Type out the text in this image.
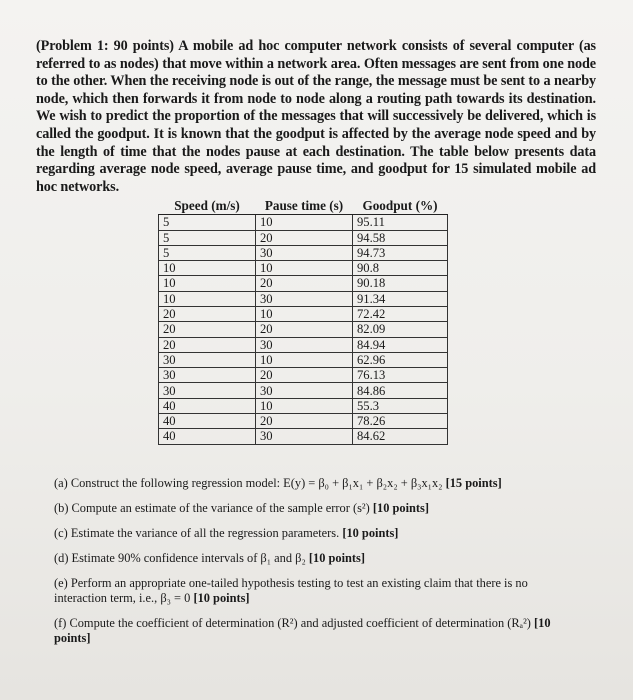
(Problem 1: 90 points) A mobile ad hoc computer network consists of several computer (as referred to as nodes) that move within a network area. Often messages are sent from one node to the other. When the receiving node is out of the range, the message must be sent to a nearby node, which then forwards it from node to node along a routing path towards its destination. We wish to predict the proportion of the messages that will successively be delivered, which is called the goodput. It is known that the goodput is affected by the average node speed and by the length of time that the nodes pause at each destination. The table below presents data regarding average node speed, average pause time, and goodput for 15 simulated mobile ad hoc networks.
Speed (m/s)	Pause time (s)	Goodput (%)
5	10	95.11
5	20	94.58
5	30	94.73
10	10	90.8
10	20	90.18
10	30	91.34
20	10	72.42
20	20	82.09
20	30	84.94
30	10	62.96
30	20	76.13
30	30	84.86
40	10	55.3
40	20	78.26
40	30	84.62
(a) Construct the following regression model: E(y) = β₀ + β₁x₁ + β₂x₂ + β₃x₁x₂ [15 points]
(b) Compute an estimate of the variance of the sample error (s²) [10 points]
(c) Estimate the variance of all the regression parameters. [10 points]
(d) Estimate 90% confidence intervals of β₁ and β₂ [10 points]
(e) Perform an appropriate one-tailed hypothesis testing to test an existing claim that there is no interaction term, i.e., β₃ = 0 [10 points]
(f) Compute the coefficient of determination (R²) and adjusted coefficient of determination (Rₐ²) [10 points]
